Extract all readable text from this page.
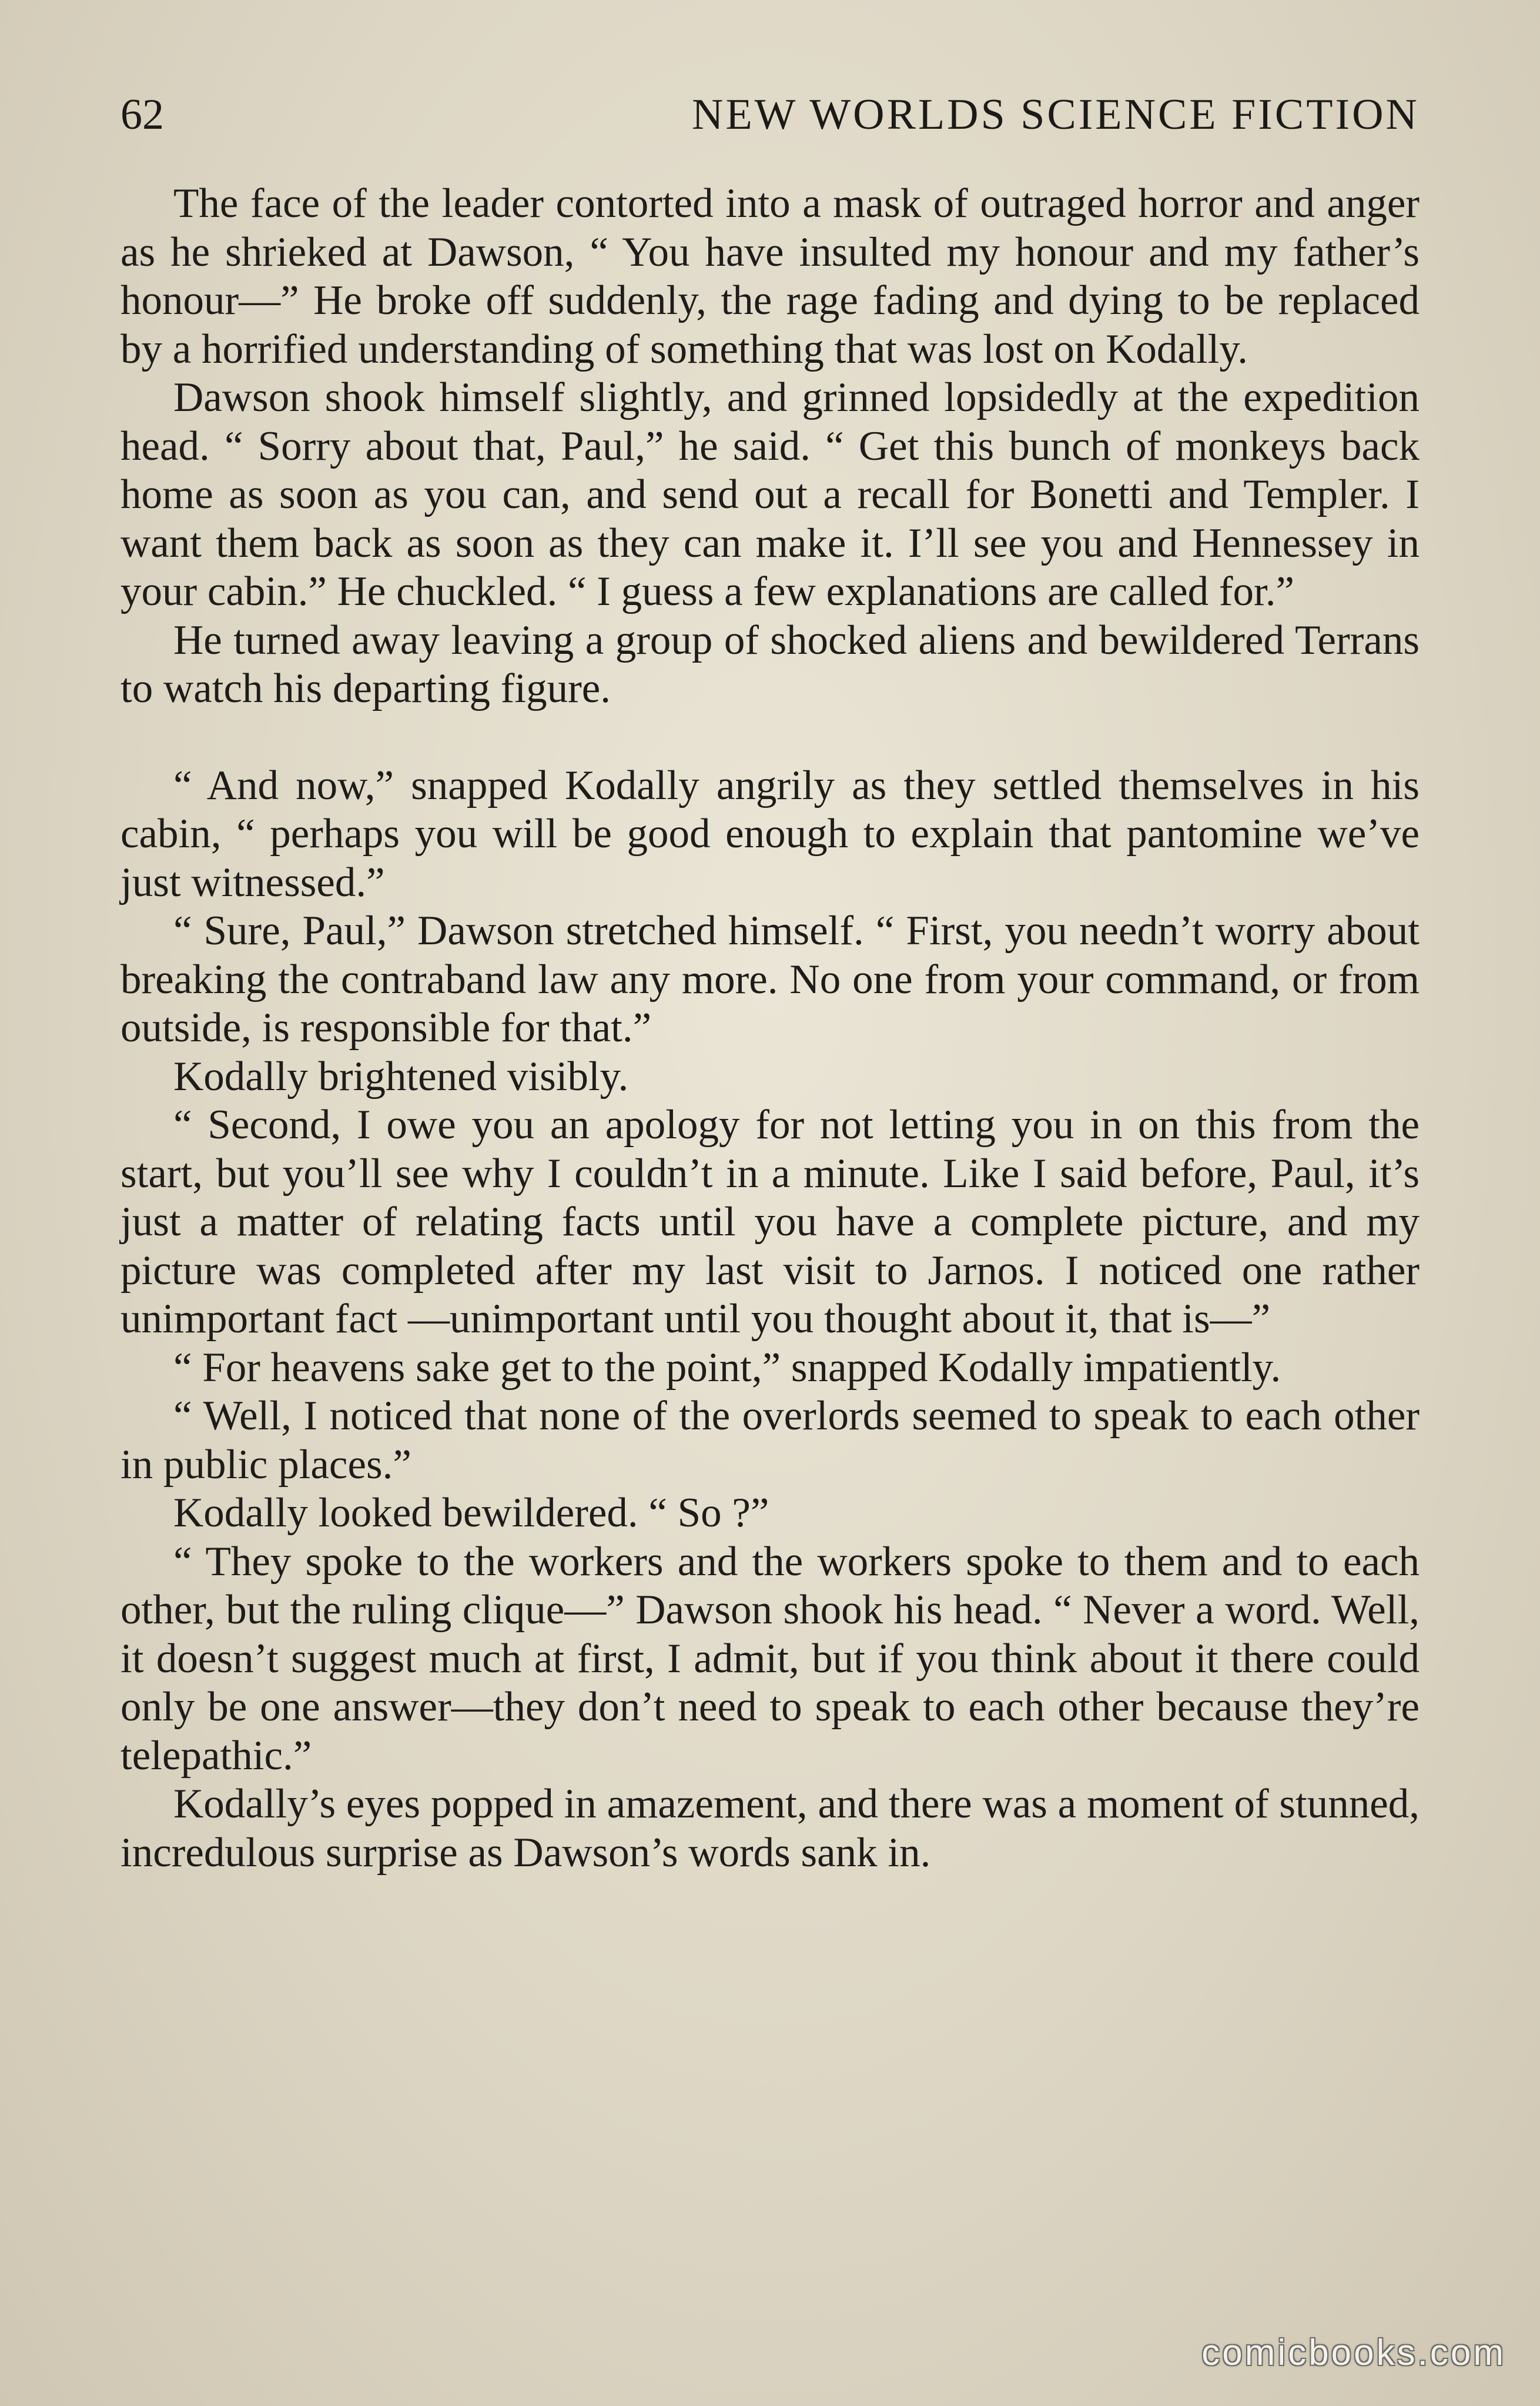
62	NEW WORLDS SCIENCE FICTION

The face of the leader contorted into a mask of outraged horror and anger as he shrieked at Dawson, “ You have insulted my honour and my father’s honour—” He broke off suddenly, the rage fading and dying to be replaced by a horrified understanding of something that was lost on Kodally.

Dawson shook himself slightly, and grinned lopsidedly at the expedition head. “ Sorry about that, Paul,” he said. “ Get this bunch of monkeys back home as soon as you can, and send out a recall for Bonetti and Templer. I want them back as soon as they can make it. I’ll see you and Hennessey in your cabin.” He chuckled. “ I guess a few explanations are called for.”

He turned away leaving a group of shocked aliens and bewildered Terrans to watch his departing figure.

“ And now,” snapped Kodally angrily as they settled themselves in his cabin, “ perhaps you will be good enough to explain that pantomine we’ve just witnessed.”

“ Sure, Paul,” Dawson stretched himself. “ First, you needn’t worry about breaking the contraband law any more. No one from your command, or from outside, is responsible for that.”

Kodally brightened visibly.

“ Second, I owe you an apology for not letting you in on this from the start, but you’ll see why I couldn’t in a minute. Like I said before, Paul, it’s just a matter of relating facts until you have a complete picture, and my picture was completed after my last visit to Jarnos. I noticed one rather unimportant fact —unimportant until you thought about it, that is—”

“ For heavens sake get to the point,” snapped Kodally impatiently.

“ Well, I noticed that none of the overlords seemed to speak to each other in public places.”

Kodally looked bewildered. “ So ?”

“ They spoke to the workers and the workers spoke to them and to each other, but the ruling clique—” Dawson shook his head. “ Never a word. Well, it doesn’t suggest much at first, I admit, but if you think about it there could only be one answer—they don’t need to speak to each other because they’re telepathic.”

Kodally’s eyes popped in amazement, and there was a moment of stunned, incredulous surprise as Dawson’s words sank in.

comicbooks.com
